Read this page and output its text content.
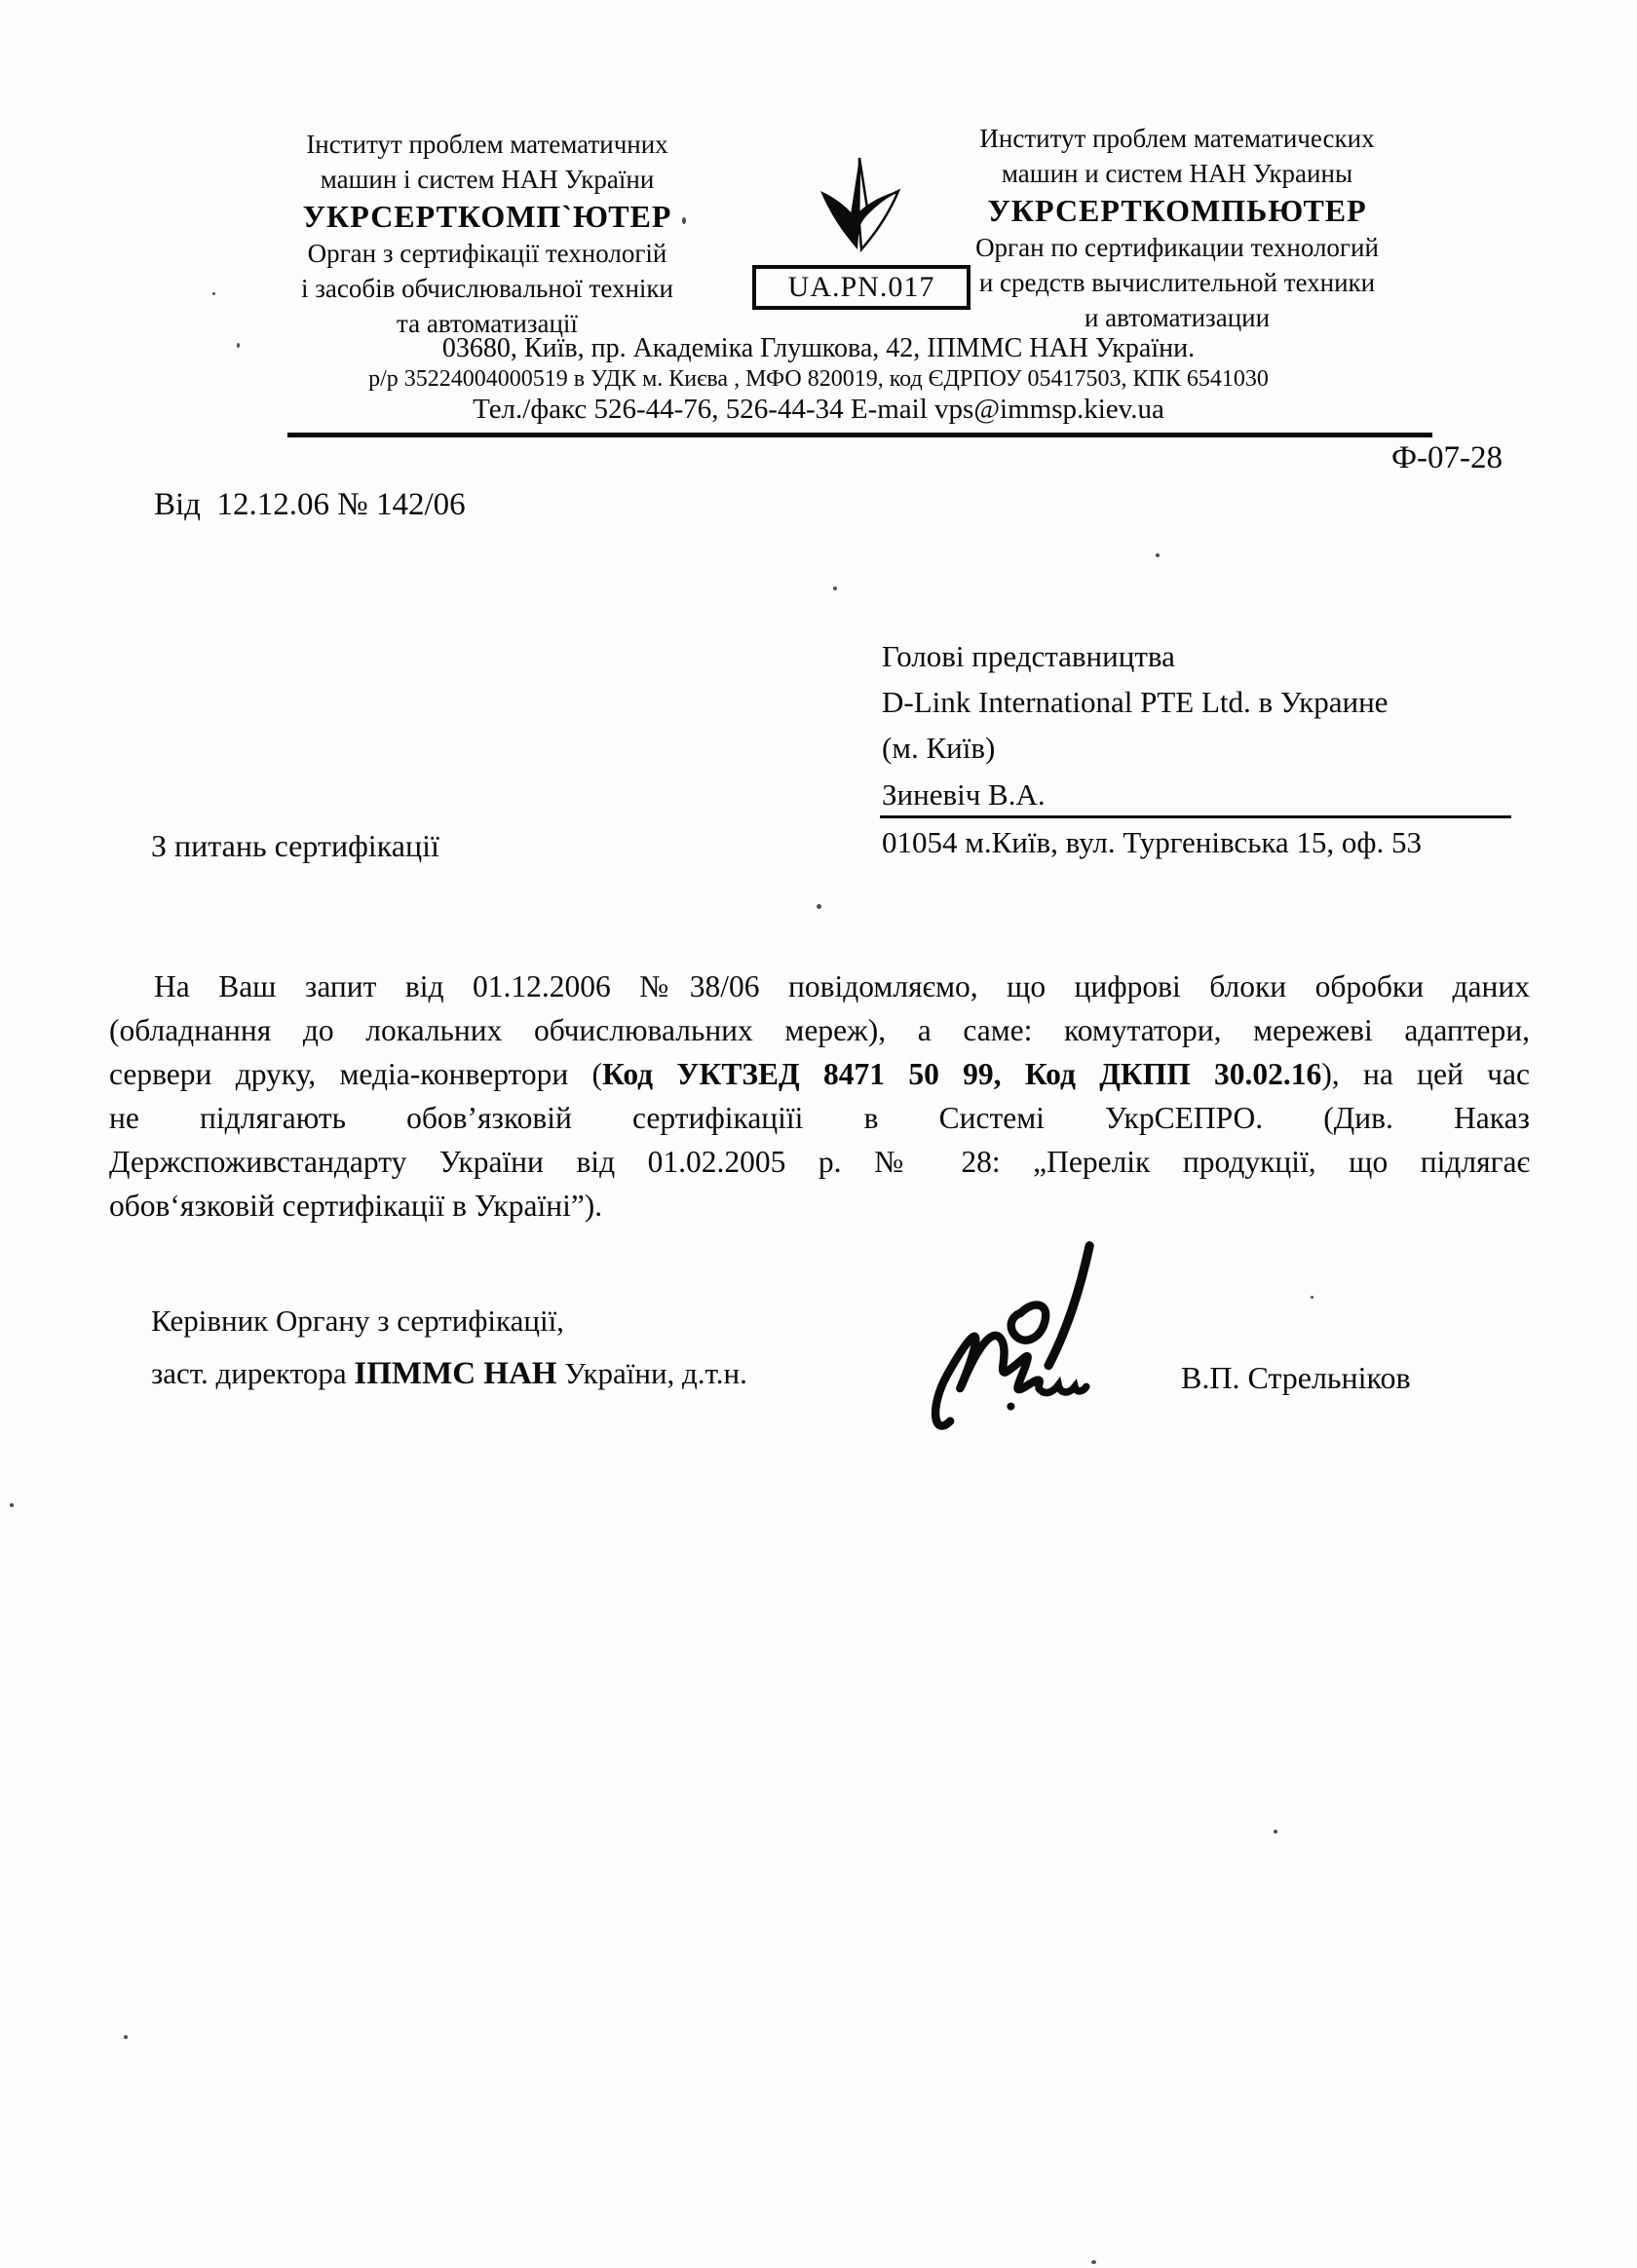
Інститут проблем математичних
машин і систем НАН України
УКРСЕРТКОМП`ЮТЕР
Орган з сертифікації технологій
і засобів обчислювальної техніки
та автоматизації
UA.PN.017
Институт проблем математических
машин и систем НАН Украины
УКРСЕРТКОМПЬЮТЕР
Орган по сертификации технологий
и средств вычислительной техники
и автоматизации
03680, Київ, пр. Академіка Глушкова, 42, ІПММС НАН України.
р/р 35224004000519 в УДК м. Києва , МФО 820019, код ЄДРПОУ 05417503, КПК 6541030
Тел./факс 526-44-76, 526-44-34 E-mail vps@immsp.kiev.ua
Ф-07-28
Від  12.12.06 № 142/06
Голові представництва
D-Link International PTE Ltd. в Украине
(м. Київ)
Зиневіч В.А.
01054 м.Київ, вул. Тургенівська 15, оф. 53
З питань сертифікації
На Ваш запит від 01.12.2006 №38/06 повідомляємо, що цифрові блоки обробки даних
(обладнання до локальних обчислювальних мереж), а саме: комутатори, мережеві адаптери,
сервери друку, медіа-конвертори (Код УКТЗЕД 8471 50 99, Код ДКПП 30.02.16), на цей час
не підлягають обов’язковій сертифікаціїі в Системі УкрСЕПРО. (Див. Наказ
Держспоживстандарту України від 01.02.2005 р. № 28: „Перелік продукції, що підлягає
обов‘язковій сертифікації в Україні”).
Керівник Органу з сертифікації,
заст. директора ІПММС НАН України, д.т.н.	В.П. Стрельніков
